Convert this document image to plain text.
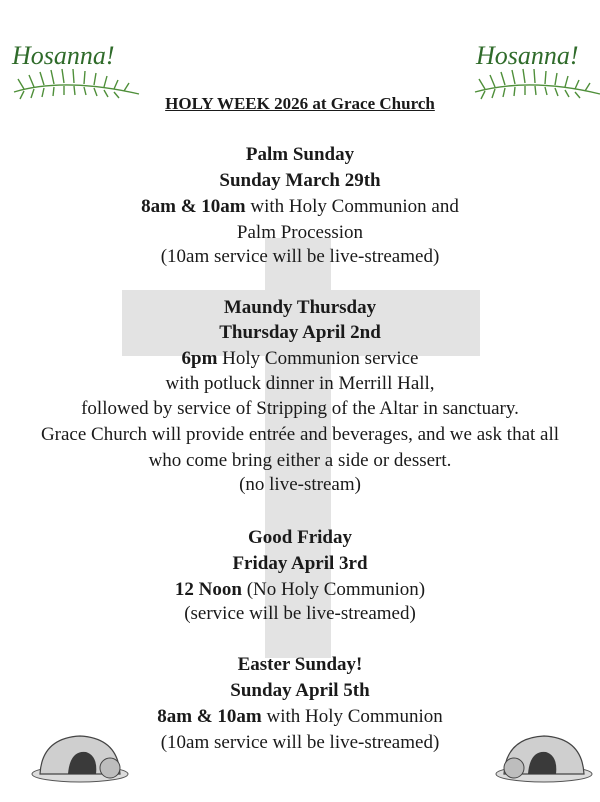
Hosanna!	Hosanna!
HOLY WEEK 2026 at Grace Church
Palm Sunday
Sunday March 29th
8am & 10am with Holy Communion and
Palm Procession
(10am service will be live-streamed)
Maundy Thursday
Thursday April 2nd
6pm Holy Communion service
with potluck dinner in Merrill Hall,
followed by service of Stripping of the Altar in sanctuary.
Grace Church will provide entrée and beverages, and we ask that all
who come bring either a side or dessert.
(no live-stream)
Good Friday
Friday April 3rd
12 Noon (No Holy Communion)
(service will be live-streamed)
Easter Sunday!
Sunday April 5th
8am & 10am with Holy Communion
(10am service will be live-streamed)
